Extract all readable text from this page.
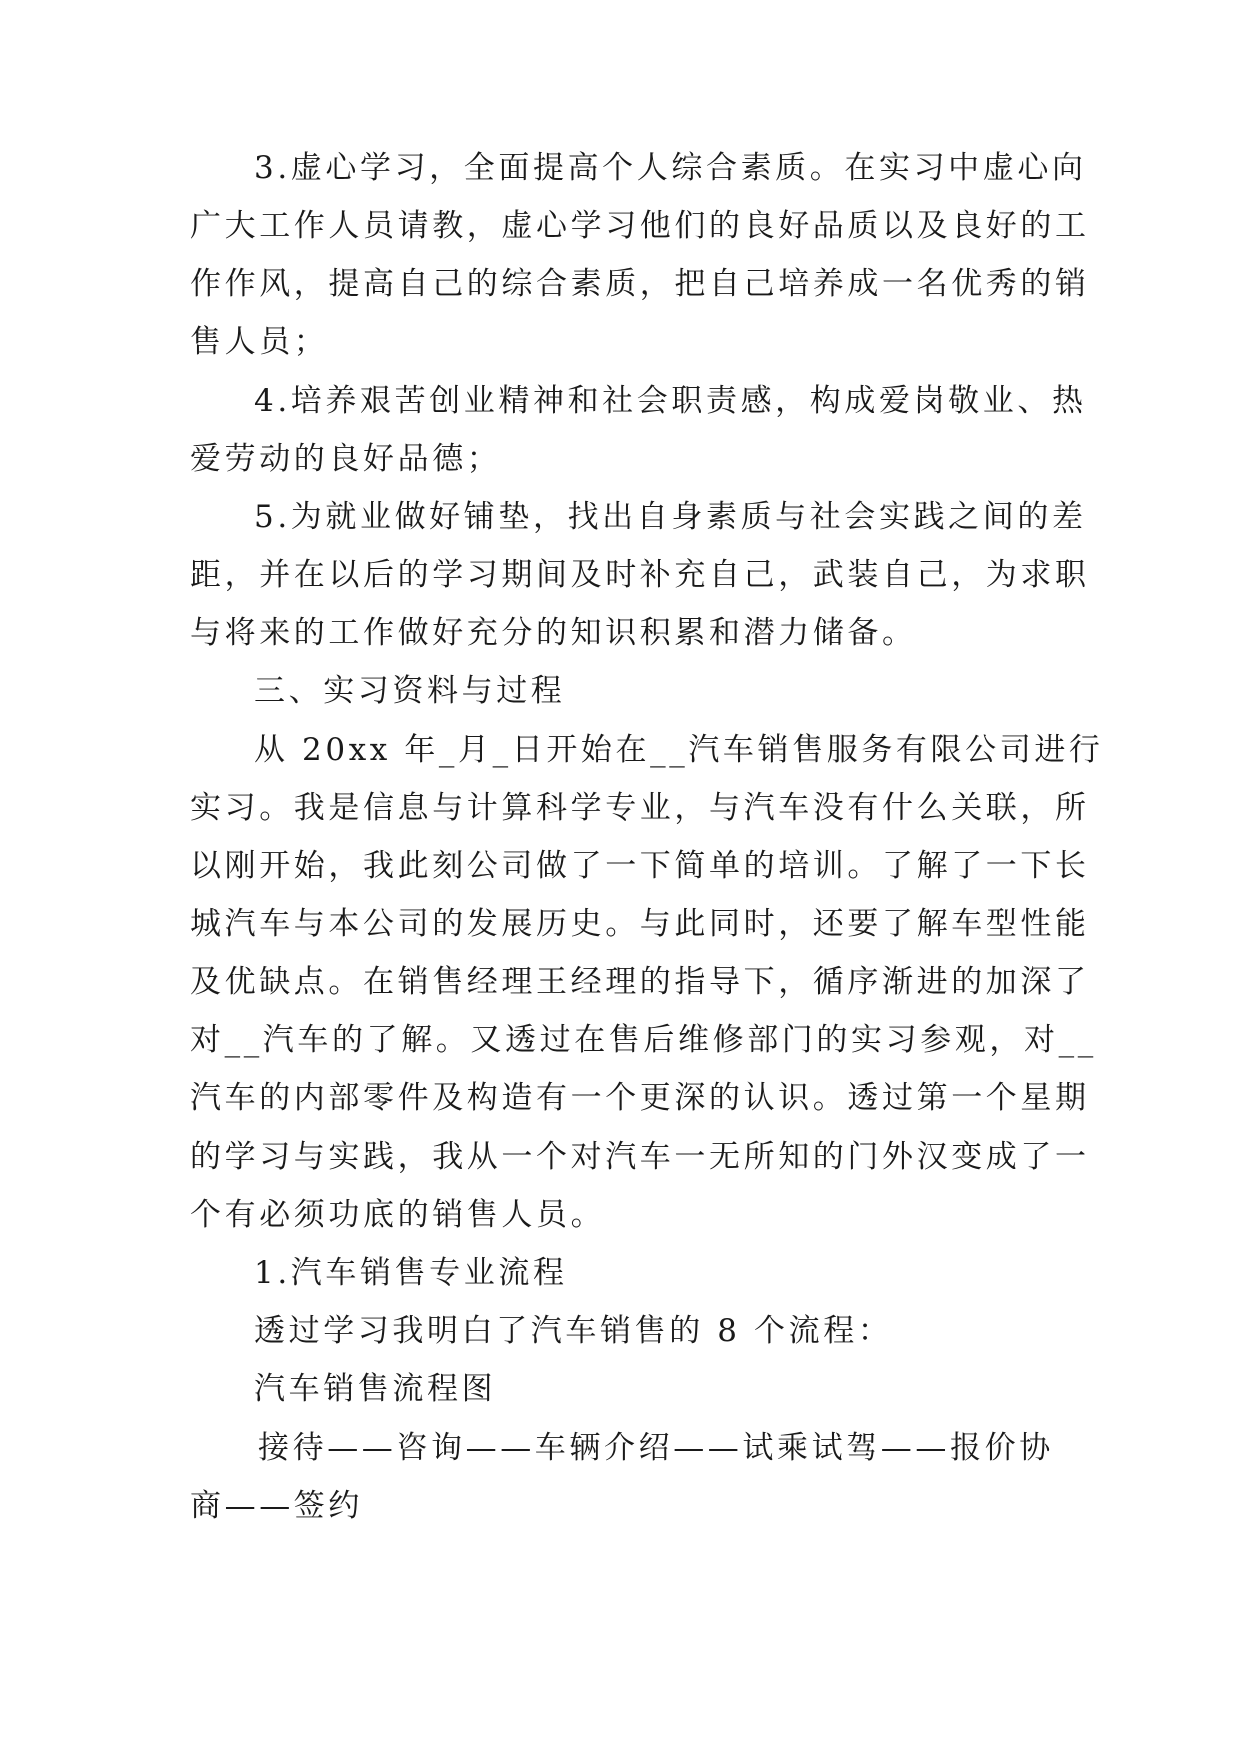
3.虚心学习，全面提高个人综合素质。在实习中虚心向
广大工作人员请教，虚心学习他们的良好品质以及良好的工
作作风，提高自己的综合素质，把自己培养成一名优秀的销
售人员；
4.培养艰苦创业精神和社会职责感，构成爱岗敬业、热
爱劳动的良好品德；
5.为就业做好铺垫，找出自身素质与社会实践之间的差
距，并在以后的学习期间及时补充自己，武装自己，为求职
与将来的工作做好充分的知识积累和潜力储备。
三、实习资料与过程
从 20xx 年_月_日开始在__汽车销售服务有限公司进行
实习。我是信息与计算科学专业，与汽车没有什么关联，所
以刚开始，我此刻公司做了一下简单的培训。了解了一下长
城汽车与本公司的发展历史。与此同时，还要了解车型性能
及优缺点。在销售经理王经理的指导下，循序渐进的加深了
对__汽车的了解。又透过在售后维修部门的实习参观，对__
汽车的内部零件及构造有一个更深的认识。透过第一个星期
的学习与实践，我从一个对汽车一无所知的门外汉变成了一
个有必须功底的销售人员。
1.汽车销售专业流程
透过学习我明白了汽车销售的 8 个流程：
汽车销售流程图
接待——咨询——车辆介绍——试乘试驾——报价协
商——签约
